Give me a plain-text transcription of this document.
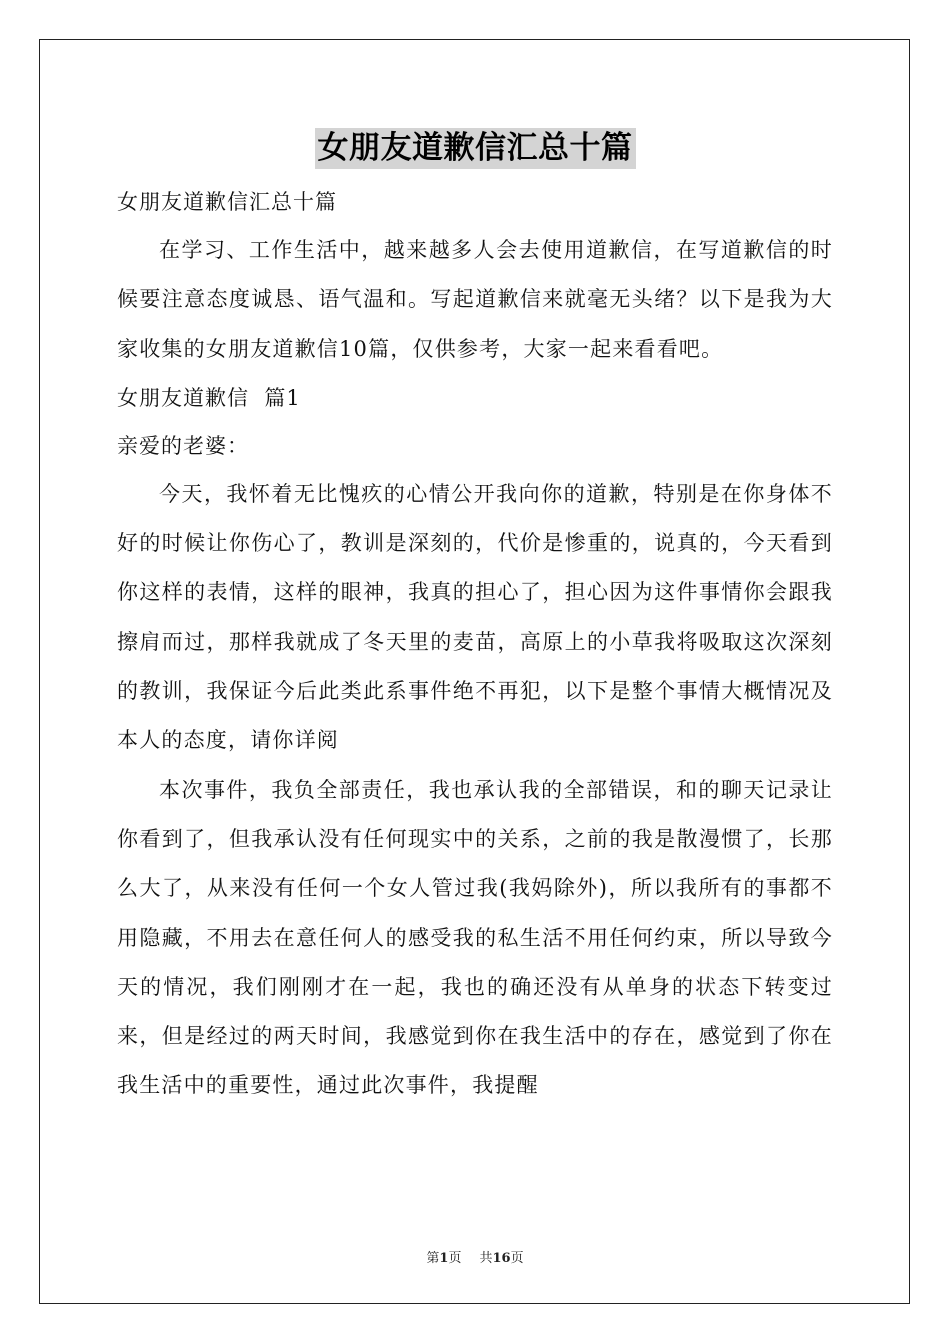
女朋友道歉信汇总十篇
女朋友道歉信汇总十篇
在学习、工作生活中，越来越多人会去使用道歉信，在写道歉信的时候要注意态度诚恳、语气温和。写起道歉信来就毫无头绪？以下是我为大家收集的女朋友道歉信10篇，仅供参考，大家一起来看看吧。
女朋友道歉信  篇1
亲爱的老婆：
今天，我怀着无比愧疚的心情公开我向你的道歉，特别是在你身体不好的时候让你伤心了，教训是深刻的，代价是惨重的，说真的，今天看到你这样的表情，这样的眼神，我真的担心了，担心因为这件事情你会跟我擦肩而过，那样我就成了冬天里的麦苗，高原上的小草我将吸取这次深刻的教训，我保证今后此类此系事件绝不再犯，以下是整个事情大概情况及本人的态度，请你详阅
本次事件，我负全部责任，我也承认我的全部错误，和的聊天记录让你看到了，但我承认没有任何现实中的关系，之前的我是散漫惯了，长那么大了，从来没有任何一个女人管过我(我妈除外)，所以我所有的事都不用隐藏，不用去在意任何人的感受我的私生活不用任何约束，所以导致今天的情况，我们刚刚才在一起，我也的确还没有从单身的状态下转变过来，但是经过的两天时间，我感觉到你在我生活中的存在，感觉到了你在我生活中的重要性，通过此次事件，我提醒
第1页 共16页
